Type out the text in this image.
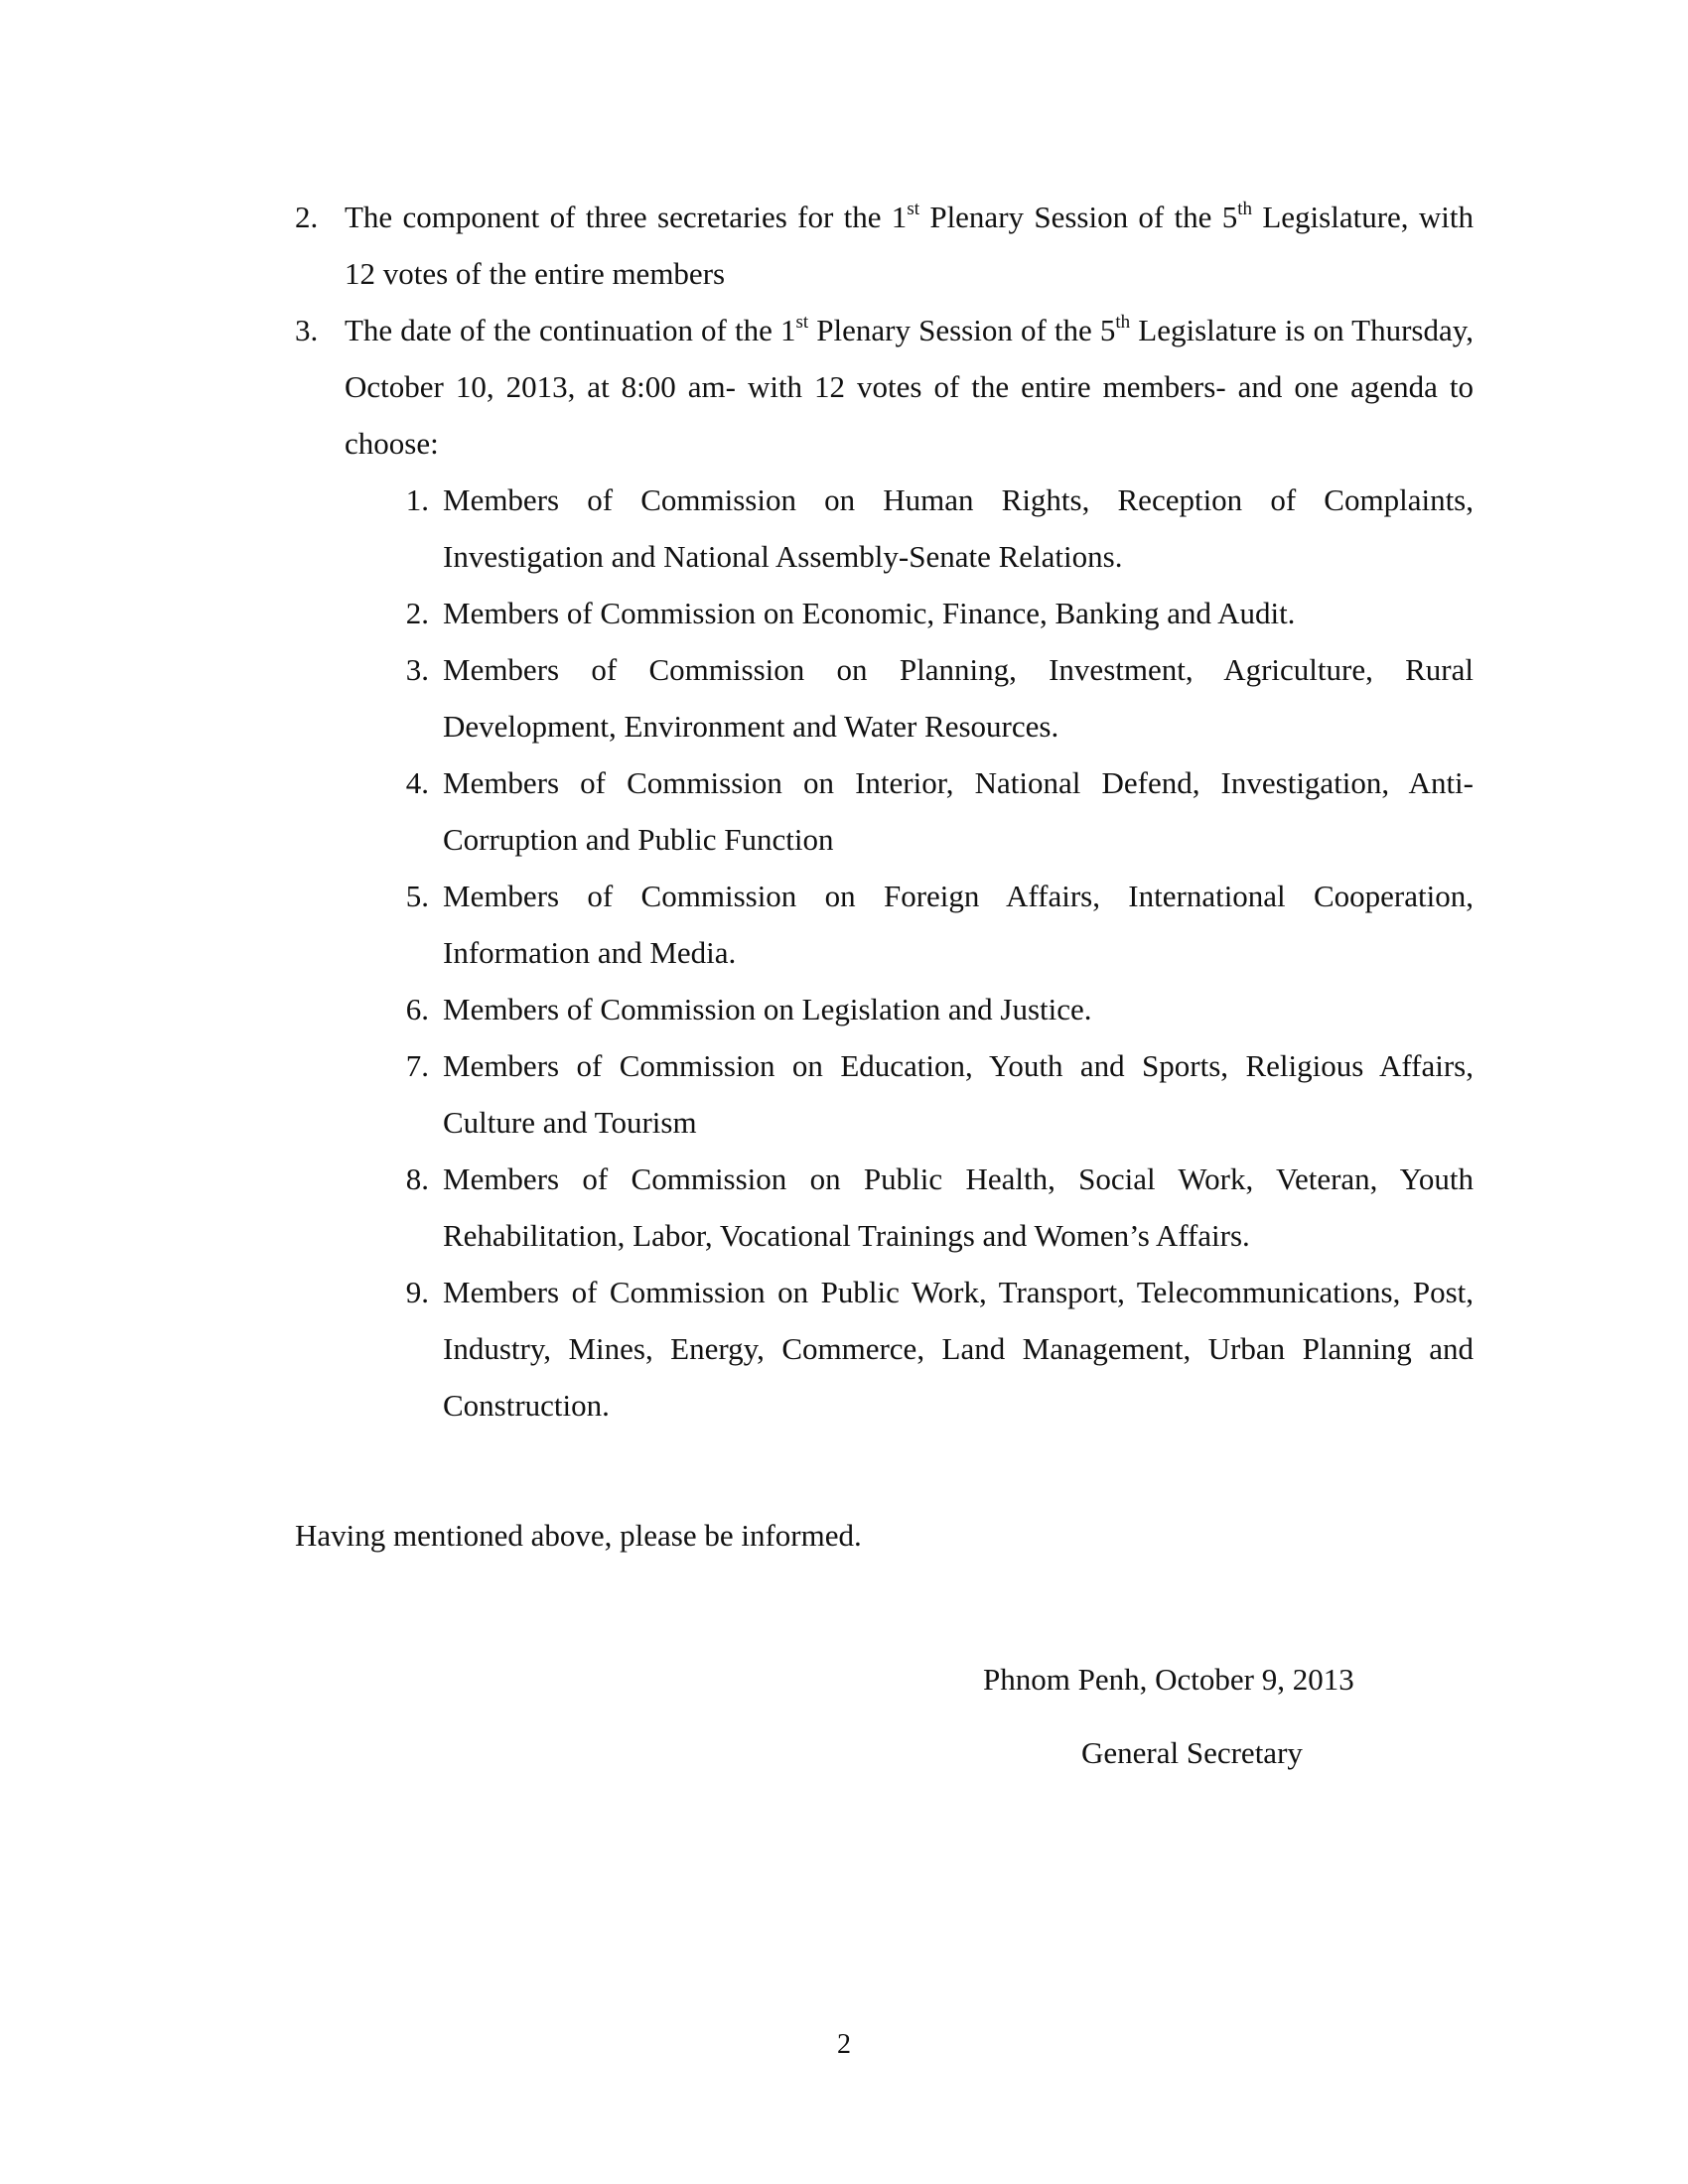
2. The component of three secretaries for the 1st Plenary Session of the 5th Legislature, with 12 votes of the entire members
3. The date of the continuation of the 1st Plenary Session of the 5th Legislature is on Thursday, October 10, 2013, at 8:00 am- with 12 votes of the entire members- and one agenda to choose:
1. Members of Commission on Human Rights, Reception of Complaints, Investigation and National Assembly-Senate Relations.
2. Members of Commission on Economic, Finance, Banking and Audit.
3. Members of Commission on Planning, Investment, Agriculture, Rural Development, Environment and Water Resources.
4. Members of Commission on Interior, National Defend, Investigation, Anti-Corruption and Public Function
5. Members of Commission on Foreign Affairs, International Cooperation, Information and Media.
6. Members of Commission on Legislation and Justice.
7. Members of Commission on Education, Youth and Sports, Religious Affairs, Culture and Tourism
8. Members of Commission on Public Health, Social Work, Veteran, Youth Rehabilitation, Labor, Vocational Trainings and Women’s Affairs.
9. Members of Commission on Public Work, Transport, Telecommunications, Post, Industry, Mines, Energy, Commerce, Land Management, Urban Planning and Construction.
Having mentioned above, please be informed.
Phnom Penh, October 9, 2013
General Secretary
2
